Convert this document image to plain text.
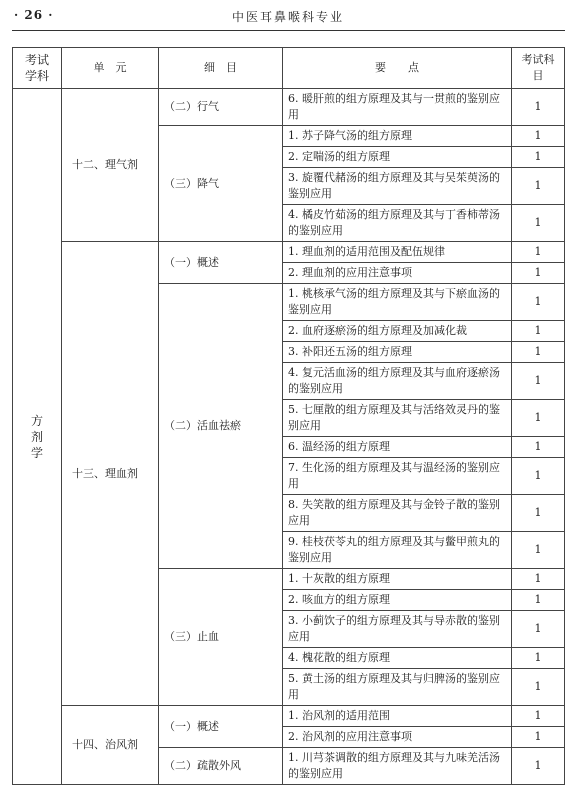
· 26 ·	中医耳鼻喉科专业
考试学科	单　元	细　目	要　　点	考试科目

方剂学	十二、理气剂	（二）行气	6. 暖肝煎的组方原理及其与一贯煎的鉴别应用	1
		（三）降气	1. 苏子降气汤的组方原理	1
			2. 定喘汤的组方原理	1
			3. 旋覆代赭汤的组方原理及其与吴茱萸汤的鉴别应用	1
			4. 橘皮竹茹汤的组方原理及其与丁香柿蒂汤的鉴别应用	1
	十三、理血剂	（一）概述	1. 理血剂的适用范围及配伍规律	1
			2. 理血剂的应用注意事项	1
		（二）活血祛瘀	1. 桃核承气汤的组方原理及其与下瘀血汤的鉴别应用	1
			2. 血府逐瘀汤的组方原理及加减化裁	1
			3. 补阳还五汤的组方原理	1
			4. 复元活血汤的组方原理及其与血府逐瘀汤的鉴别应用	1
			5. 七厘散的组方原理及其与活络效灵丹的鉴别应用	1
			6. 温经汤的组方原理	1
			7. 生化汤的组方原理及其与温经汤的鉴别应用	1
			8. 失笑散的组方原理及其与金铃子散的鉴别应用	1
			9. 桂枝茯苓丸的组方原理及其与鳖甲煎丸的鉴别应用	1
		（三）止血	1. 十灰散的组方原理	1
			2. 咳血方的组方原理	1
			3. 小蓟饮子的组方原理及其与导赤散的鉴别应用	1
			4. 槐花散的组方原理	1
			5. 黄土汤的组方原理及其与归脾汤的鉴别应用	1
	十四、治风剂	（一）概述	1. 治风剂的适用范围	1
			2. 治风剂的应用注意事项	1
		（二）疏散外风	1. 川芎茶调散的组方原理及其与九味羌活汤的鉴别应用	1
